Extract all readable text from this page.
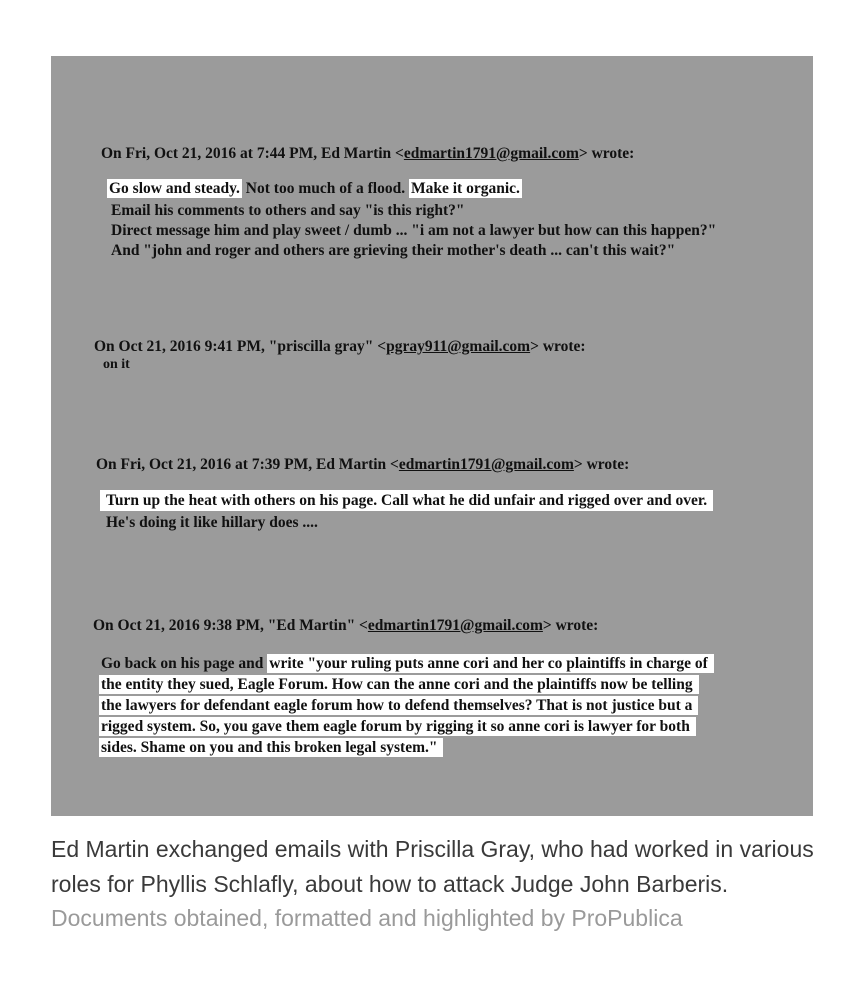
On Fri, Oct 21, 2016 at 7:44 PM, Ed Martin <edmartin1791@gmail.com> wrote:
Go slow and steady. Not too much of a flood. Make it organic.
Email his comments to others and say "is this right?"
Direct message him and play sweet / dumb ... "i am not a lawyer but how can this happen?"
And "john and roger and others are grieving their mother's death ... can't this wait?"
On Oct 21, 2016 9:41 PM, "priscilla gray" <pgray911@gmail.com> wrote:
on it
On Fri, Oct 21, 2016 at 7:39 PM, Ed Martin <edmartin1791@gmail.com> wrote:
Turn up the heat with others on his page. Call what he did unfair and rigged over and over.
He's doing it like hillary does ....
On Oct 21, 2016 9:38 PM, "Ed Martin" <edmartin1791@gmail.com> wrote:
Go back on his page and write "your ruling puts anne cori and her co plaintiffs in charge of
the entity they sued, Eagle Forum. How can the anne cori and the plaintiffs now be telling
the lawyers for defendant eagle forum how to defend themselves? That is not justice but a
rigged system. So, you gave them eagle forum by rigging it so anne cori is lawyer for both
sides. Shame on you and this broken legal system."
Ed Martin exchanged emails with Priscilla Gray, who had worked in various roles for Phyllis Schlafly, about how to attack Judge John Barberis. Documents obtained, formatted and highlighted by ProPublica
